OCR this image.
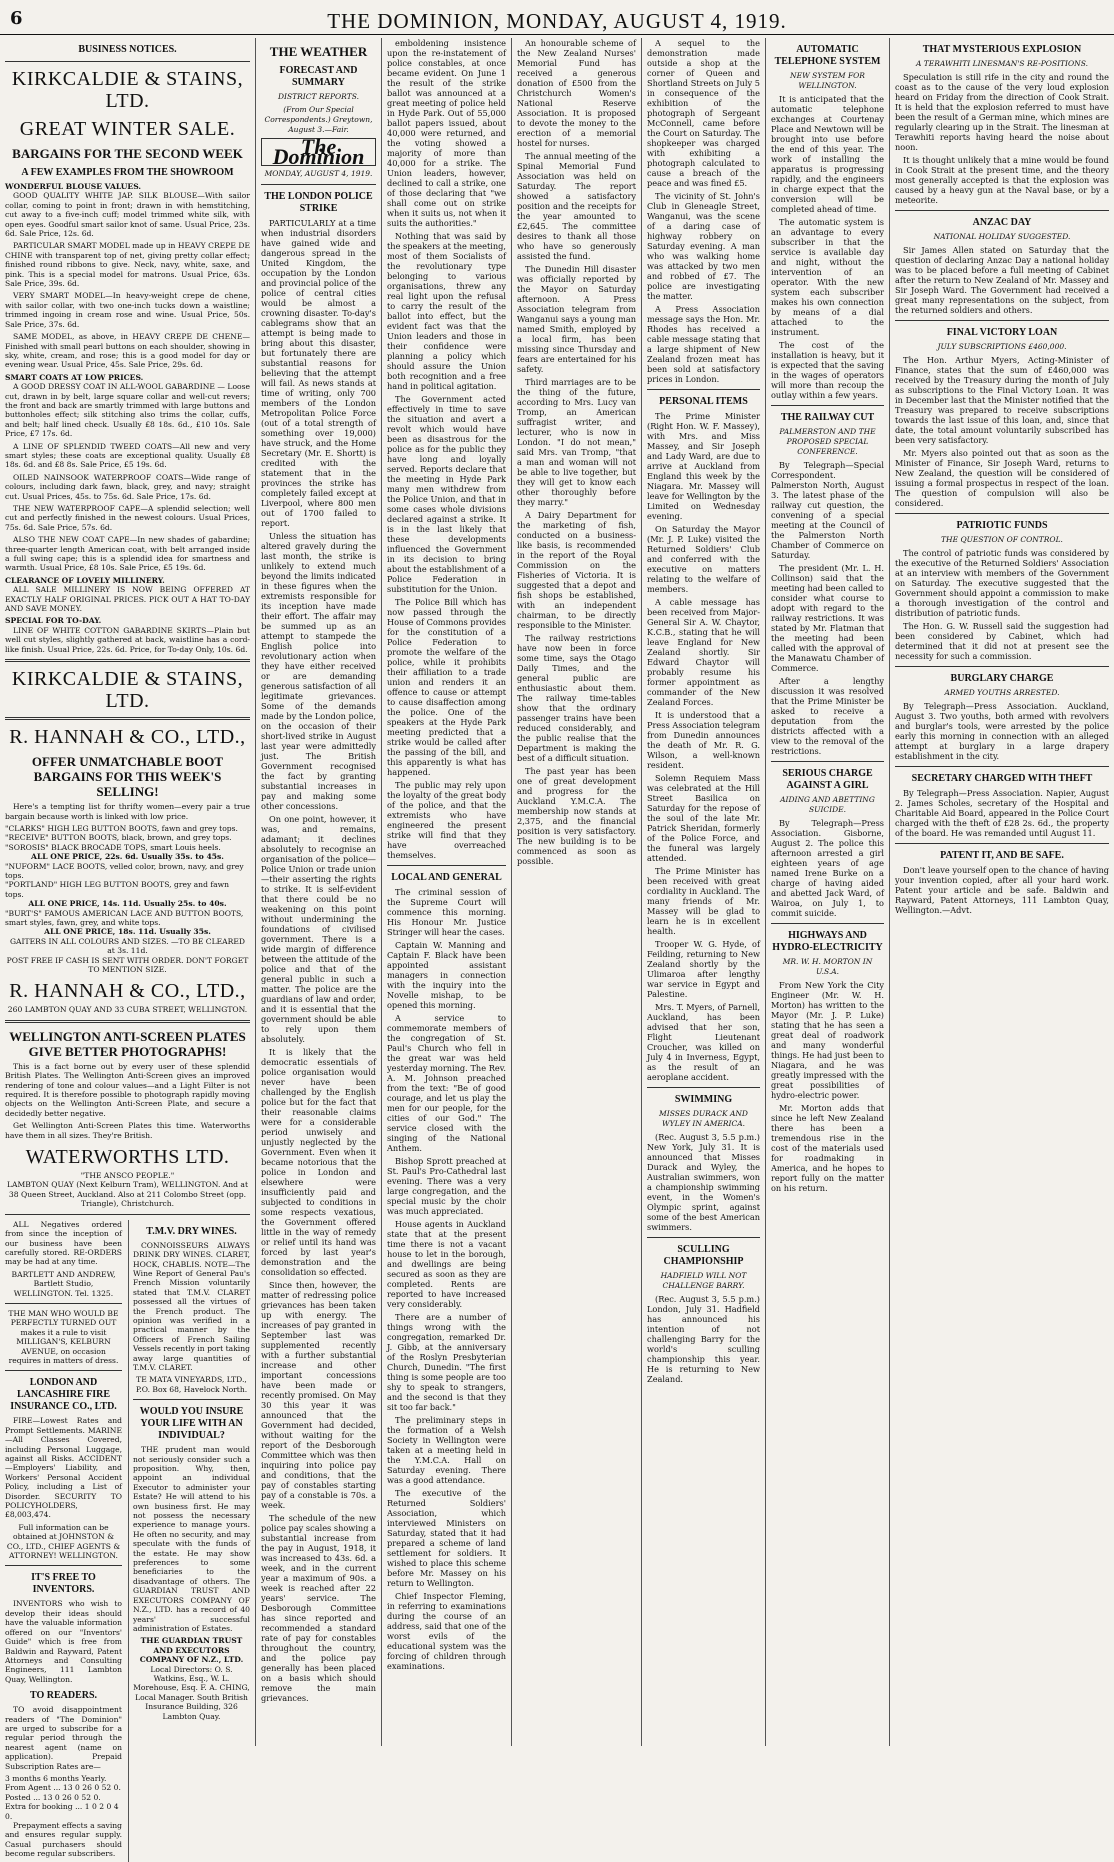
6	THE DOMINION, MONDAY, AUGUST 4, 1919.
BUSINESS NOTICES.
KIRKCALDIE & STAINS, LTD.
GREAT WINTER SALE.
BARGAINS FOR THE SECOND WEEK
A FEW EXAMPLES FROM THE SHOWROOM
WONDERFUL BLOUSE VALUES.

GOOD QUALITY WHITE JAP. SILK BLOUSE—With sailor collar, coming to point in front; drawn in with hemstitching, cut away to a five-inch cuff; model trimmed white silk, with open eyes. Goodful smart sailor knot of same. Usual Price, 23s. 6d. Sale Price, 12s. 6d.

PARTICULAR SMART MODEL made up in HEAVY CREPE DE CHINE with transparent top of net, giving pretty collar effect; finished round ribbons to give. Neck, navy, white, saxe, and pink. This is a special model for matrons. Usual Price, 63s. Sale Price, 39s. 6d.

VERY SMART MODEL—In heavy-weight crepe de chene, with sailor collar, with two one-inch tucks down a waistline; trimmed ingoing in cream rose and wine. Usual Price, 50s. Sale Price, 37s. 6d.

SAME MODEL, as above, in HEAVY CREPE DE CHENE—Finished with small pearl buttons on each shoulder, showing in sky, white, cream, and rose; this is a good model for day or evening wear. Usual Price, 45s. Sale Price, 29s. 6d.

SMART COATS AT LOW PRICES.

A GOOD DRESSY COAT IN ALL-WOOL GABARDINE — Loose cut, drawn in by belt, large square collar and well-cut revers; the front and back are smartly trimmed with large buttons and buttonholes effect; silk stitching also trims the collar, cuffs, and belt; half lined check. Usually £8 18s. 6d., £10 10s. Sale Price, £7 17s. 6d.

A LINE OF SPLENDID TWEED COATS—All new and very smart styles; these coats are exceptional quality. Usually £8 18s. 6d. and £8 8s. Sale Price, £5 19s. 6d.

OILED NAINSOOK WATERPROOF COATS—Wide range of colours, including dark fawn, black, grey, and navy; straight cut. Usual Prices, 45s. to 75s. 6d. Sale Price, 17s. 6d.

THE NEW WATERPROOF CAPE—A splendid selection; well cut and perfectly finished in the newest colours. Usual Prices, 75s. 6d. Sale Price, 57s. 6d.

ALSO THE NEW COAT CAPE—In new shades of gabardine; three-quarter length American coat, with belt arranged inside a full swing cape; this is a splendid idea for smartness and warmth. Usual Price, £8 10s. Sale Price, £5 19s. 6d.

CLEARANCE OF LOVELY MILLINERY.

ALL SALE MILLINERY IS NOW BEING OFFERED AT EXACTLY HALF ORIGINAL PRICES. PICK OUT A HAT TO-DAY AND SAVE MONEY.

SPECIAL FOR TO-DAY.

LINE OF WHITE COTTON GABARDINE SKIRTS—Plain but well cut styles, slightly gathered at back, waistline has a cord-like finish. Usual Price, 22s. 6d. Price, for To-day Only, 10s. 6d.

KIRKCALDIE & STAINS, LTD.
R. HANNAH & CO., LTD.,
OFFER UNMATCHABLE BOOT BARGAINS FOR THIS WEEK'S SELLING!

Here's a tempting list for thrifty women—every pair a true bargain because worth is linked with low price.

"CLARKS" HIGH LEG BUTTON BOOTS, fawn and grey tops.
"RECEIVE" BUTTON BOOTS, black, brown, and grey tops.
"SOROSIS" BLACK BROCADE TOPS, smart Louis heels.
ALL ONE PRICE, 22s. 6d. Usually 35s. to 45s.
"NUFORM" LACE BOOTS, velled color, brown, navy, and grey tops.
"PORTLAND" HIGH LEG BUTTON BOOTS, grey and fawn tops.
ALL ONE PRICE, 14s. 11d. Usually 25s. to 40s.
"BURT'S" FAMOUS AMERICAN LACE AND BUTTON BOOTS, smart styles, fawn, grey, and white tops.
ALL ONE PRICE, 18s. 11d. Usually 35s.
GAITERS IN ALL COLOURS AND SIZES. —TO BE CLEARED at 3s. 11d.
POST FREE IF CASH IS SENT WITH ORDER. DON'T FORGET TO MENTION SIZE.
R. HANNAH & CO., LTD.,
260 LAMBTON QUAY AND 33 CUBA STREET, WELLINGTON.
WELLINGTON ANTI-SCREEN PLATES GIVE BETTER PHOTOGRAPHS!

This is a fact borne out by every user of these splendid British Plates. The Wellington Anti-Screen gives an improved rendering of tone and colour values—and a Light Filter is not required. It is therefore possible to photograph rapidly moving objects on the Wellington Anti-Screen Plate, and secure a decidedly better negative.

Get Wellington Anti-Screen Plates this time. Waterworths have them in all sizes. They're British.

WATERWORTHS LTD.
"THE ANSCO PEOPLE."
LAMBTON QUAY (Next Kelburn Tram), WELLINGTON. And at 38 Queen Street, Auckland. Also at 211 Colombo Street (opp. Triangle), Christchurch.

ALL Negatives ordered from since the inception of our business have been carefully stored. RE-ORDERS may be had at any time.

BARTLETT AND ANDREW, Bartlett Studio, WELLINGTON. Tel. 1325.
THE MAN WHO WOULD BE PERFECTLY TURNED OUT makes it a rule to visit MILLIGAN'S, KELBURN AVENUE, on occasion requires in matters of dress.
LONDON AND LANCASHIRE FIRE INSURANCE CO., LTD.

FIRE—Lowest Rates and Prompt Settlements. MARINE—All Classes Covered, including Personal Luggage, against all Risks. ACCIDENT—Employers' Liability, and Workers' Personal Accident Policy, including a List of Disorder. SECURITY TO POLICYHOLDERS, £8,003,474.

Full information can be obtained at JOHNSTON & CO., LTD., CHIEF AGENTS & ATTORNEY! WELLINGTON.
IT'S FREE TO INVENTORS.

INVENTORS who wish to develop their ideas should have the valuable information offered on our "Inventors' Guide" which is free from Baldwin and Rayward, Patent Attorneys and Consulting Engineers, 111 Lambton Quay, Wellington.

TO READERS.

TO avoid disappointment readers of "The Dominion" are urged to subscribe for a regular period through the nearest agent (name on application). Prepaid Subscription Rates are—

3 months 6 months Yearly. From Agent ... 13 0 26 0 52 0. Posted ... 13 0 26 0 52 0. Extra for booking ... 1 0 2 0 4 0.

Prepayment effects a saving and ensures regular supply. Casual purchasers should become regular subscribers.

T.M.V. DRY WINES.

CONNOISSEURS ALWAYS DRINK DRY WINES. CLARET, HOCK, CHABLIS. NOTE—The Wine Report of General Pau's French Mission voluntarily stated that T.M.V. CLARET possessed all the virtues of the French product. The opinion was verified in a practical manner by the Officers of French Sailing Vessels recently in port taking away large quantities of T.M.V. CLARET.

TE MATA VINEYARDS, LTD., P.O. Box 68, Havelock North.
WOULD YOU INSURE YOUR LIFE WITH AN INDIVIDUAL?

THE prudent man would not seriously consider such a proposition. Why, then, appoint an individual Executor to administer your Estate? He will attend to his own business first. He may not possess the necessary experience to manage yours. He often no security, and may speculate with the funds of the estate. He may show preferences to some beneficiaries to the disadvantage of others. The GUARDIAN TRUST AND EXECUTORS COMPANY OF N.Z., LTD. has a record of 40 years' successful administration of Estates.

THE GUARDIAN TRUST AND EXECUTORS COMPANY OF N.Z., LTD.
Local Directors: O. S. Watkins, Esq., W. L. Morehouse, Esq. F. A. CHING, Local Manager. South British Insurance Building, 326 Lambton Quay.
THE WEATHER
FORECAST AND SUMMARY
DISTRICT REPORTS.
(From Our Special Correspondents.) Greytown, August 3.—Fair.
The Dominion
MONDAY, AUGUST 4, 1919.
THE LONDON POLICE STRIKE

PARTICULARLY at a time when industrial disorders have gained wide and dangerous spread in the United Kingdom, the occupation by the London and provincial police of the police of central cities would be almost a crowning disaster. To-day's cablegrams show that an attempt is being made to bring about this disaster, but fortunately there are substantial reasons for believing that the attempt will fail. As news stands at time of writing, only 700 members of the London Metropolitan Police Force (out of a total strength of something over 19,000) have struck, and the Home Secretary (Mr. E. Shortt) is credited with the statement that in the provinces the strike has completely failed except at Liverpool, where 800 men out of 1700 failed to report.

Unless the situation has altered gravely during the last month, the strike is unlikely to extend much beyond the limits indicated in these figures when the extremists responsible for its inception have made their effort. The affair may be summed up as an attempt to stampede the English police into revolutionary action when they have either received or are demanding generous satisfaction of all legitimate grievances. Some of the demands made by the London police, on the occasion of their short-lived strike in August last year were admittedly just. The British Government recognised the fact by granting substantial increases in pay and making some other concessions.

On one point, however, it was, and remains, adamant; it declines absolutely to recognise an organisation of the police—Police Union or trade union—their asserting the rights to strike. It is self-evident that there could be no weakening on this point without undermining the foundations of civilised government. There is a wide margin of difference between the attitude of the police and that of the general public in such a matter. The police are the guardians of law and order, and it is essential that the government should be able to rely upon them absolutely.

It is likely that the democratic essentials of police organisation would never have been challenged by the English police but for the fact that their reasonable claims were for a considerable period unwisely and unjustly neglected by the Government. Even when it became notorious that the police in London and elsewhere were insufficiently paid and subjected to conditions in some respects vexatious, the Government offered little in the way of remedy or relief until its hand was forced by last year's demonstration and the consolidation so effected.

Since then, however, the matter of redressing police grievances has been taken up with energy. The increases of pay granted in September last was supplemented recently with a further substantial increase and other important concessions have been made or recently promised. On May 30 this year it was announced that the Government had decided, without waiting for the report of the Desborough Committee which was then inquiring into police pay and conditions, that the pay of constables starting pay of a constable is 70s. a week.

The schedule of the new police pay scales showing a substantial increase from the pay in August, 1918, it was increased to 43s. 6d. a week, and in the current year a maximum of 90s. a week is reached after 22 years' service. The Desborough Committee has since reported and recommended a standard rate of pay for constables throughout the country, and the police pay generally has been placed on a basis which should remove the main grievances.

emboldening insistence upon the re-instatement of police constables, at once became evident. On June 1 the result of the strike ballot was announced at a great meeting of police held in Hyde Park. Out of 55,000 ballot papers issued, about 40,000 were returned, and the voting showed a majority of more than 40,000 for a strike. The Union leaders, however, declined to call a strike, one of those declaring that "we shall come out on strike when it suits us, not when it suits the authorities."

Nothing that was said by the speakers at the meeting, most of them Socialists of the revolutionary type belonging to various organisations, threw any real light upon the refusal to carry the result of the ballot into effect, but the evident fact was that the Union leaders and those in their confidence were planning a policy which should assure the Union both recognition and a free hand in political agitation.

The Government acted effectively in time to save the situation and avert a revolt which would have been as disastrous for the police as for the public they have long and loyally served. Reports declare that the meeting in Hyde Park many men withdrew from the Police Union, and that in some cases whole divisions declared against a strike. It is in the last likely that these developments influenced the Government in its decision to bring about the establishment of a Police Federation in substitution for the Union.

The Police Bill which has now passed through the House of Commons provides for the constitution of a Police Federation to promote the welfare of the police, while it prohibits their affiliation to a trade union and renders it an offence to cause or attempt to cause disaffection among the police. One of the speakers at the Hyde Park meeting predicted that a strike would be called after the passing of the bill, and this apparently is what has happened.

The public may rely upon the loyalty of the great body of the police, and that the extremists who have engineered the present strike will find that they have overreached themselves.

LOCAL AND GENERAL

The criminal session of the Supreme Court will commence this morning. His Honour Mr. Justice Stringer will hear the cases.

Captain W. Manning and Captain F. Black have been appointed assistant managers in connection with the inquiry into the Novelle mishap, to be opened this morning.

A service to commemorate members of the congregation of St. Paul's Church who fell in the great war was held yesterday morning. The Rev. A. M. Johnson preached from the text: "Be of good courage, and let us play the men for our people, for the cities of our God." The service closed with the singing of the National Anthem.

Bishop Sprott preached at St. Paul's Pro-Cathedral last evening. There was a very large congregation, and the special music by the choir was much appreciated.

House agents in Auckland state that at the present time there is not a vacant house to let in the borough, and dwellings are being secured as soon as they are completed. Rents are reported to have increased very considerably.

There are a number of things wrong with the congregation, remarked Dr. J. Gibb, at the anniversary of the Roslyn Presbyterian Church, Dunedin. "The first thing is some people are too shy to speak to strangers, and the second is that they sit too far back."

The preliminary steps in the formation of a Welsh Society in Wellington were taken at a meeting held in the Y.M.C.A. Hall on Saturday evening. There was a good attendance.

The executive of the Returned Soldiers' Association, which interviewed Ministers on Saturday, stated that it had prepared a scheme of land settlement for soldiers. It wished to place this scheme before Mr. Massey on his return to Wellington.

Chief Inspector Fleming, in referring to examinations during the course of an address, said that one of the worst evils of the educational system was the forcing of children through examinations.

An honourable scheme of the New Zealand Nurses' Memorial Fund has received a generous donation of £500 from the Christchurch Women's National Reserve Association. It is proposed to devote the money to the erection of a memorial hostel for nurses.

The annual meeting of the Spinal Memorial Fund Association was held on Saturday. The report showed a satisfactory position and the receipts for the year amounted to £2,645. The committee desires to thank all those who have so generously assisted the fund.

The Dunedin Hill disaster was officially reported by the Mayor on Saturday afternoon. A Press Association telegram from Wanganui says a young man named Smith, employed by a local firm, has been missing since Thursday and fears are entertained for his safety.

Third marriages are to be the thing of the future, according to Mrs. Lucy van Tromp, an American suffragist writer, and lecturer, who is now in London. "I do not mean," said Mrs. van Tromp, "that a man and woman will not be able to live together, but they will get to know each other thoroughly before they marry."

A Dairy Department for the marketing of fish, conducted on a business-like basis, is recommended in the report of the Royal Commission on the Fisheries of Victoria. It is suggested that a depot and fish shops be established, with an independent chairman, to be directly responsible to the Minister.

The railway restrictions have now been in force some time, says the Otago Daily Times, and the general public are enthusiastic about them. The railway time-tables show that the ordinary passenger trains have been reduced considerably, and the public realise that the Department is making the best of a difficult situation.

The past year has been one of great development and progress for the Auckland Y.M.C.A. The membership now stands at 2,375, and the financial position is very satisfactory. The new building is to be commenced as soon as possible.

A sequel to the demonstration made outside a shop at the corner of Queen and Shortland Streets on July 5 in consequence of the exhibition of the photograph of Sergeant McConnell, came before the Court on Saturday. The shopkeeper was charged with exhibiting a photograph calculated to cause a breach of the peace and was fined £5.

The vicinity of St. John's Club in Gleneagle Street, Wanganui, was the scene of a daring case of highway robbery on Saturday evening. A man who was walking home was attacked by two men and robbed of £7. The police are investigating the matter.

A Press Association message says the Hon. Mr. Rhodes has received a cable message stating that a large shipment of New Zealand frozen meat has been sold at satisfactory prices in London.

PERSONAL ITEMS

The Prime Minister (Right Hon. W. F. Massey), with Mrs. and Miss Massey, and Sir Joseph and Lady Ward, are due to arrive at Auckland from England this week by the Niagara. Mr. Massey will leave for Wellington by the Limited on Wednesday evening.

On Saturday the Mayor (Mr. J. P. Luke) visited the Returned Soldiers' Club and conferred with the executive on matters relating to the welfare of members.

A cable message has been received from Major-General Sir A. W. Chaytor, K.C.B., stating that he will leave England for New Zealand shortly. Sir Edward Chaytor will probably resume his former appointment as commander of the New Zealand Forces.

It is understood that a Press Association telegram from Dunedin announces the death of Mr. R. G. Wilson, a well-known resident.

Solemn Requiem Mass was celebrated at the Hill Street Basilica on Saturday for the repose of the soul of the late Mr. Patrick Sheridan, formerly of the Police Force, and the funeral was largely attended.

The Prime Minister has been received with great cordiality in Auckland. The many friends of Mr. Massey will be glad to learn he is in excellent health.

Trooper W. G. Hyde, of Feilding, returning to New Zealand shortly by the Ulimaroa after lengthy war service in Egypt and Palestine.

Mrs. T. Myers, of Parnell, Auckland, has been advised that her son, Flight Lieutenant Croucher, was killed on July 4 in Inverness, Egypt, as the result of an aeroplane accident.

SWIMMING
MISSES DURACK AND WYLEY IN AMERICA.

(Rec. August 3, 5.5 p.m.) New York, July 31. It is announced that Misses Durack and Wyley, the Australian swimmers, won a championship swimming event, in the Women's Olympic sprint, against some of the best American swimmers.

SCULLING CHAMPIONSHIP
HADFIELD WILL NOT CHALLENGE BARRY.

(Rec. August 3, 5.5 p.m.) London, July 31. Hadfield has announced his intention of not challenging Barry for the world's sculling championship this year. He is returning to New Zealand.

AUTOMATIC TELEPHONE SYSTEM
NEW SYSTEM FOR WELLINGTON.

It is anticipated that the automatic telephone exchanges at Courtenay Place and Newtown will be brought into use before the end of this year. The work of installing the apparatus is progressing rapidly, and the engineers in charge expect that the conversion will be completed ahead of time.

The automatic system is an advantage to every subscriber in that the service is available day and night, without the intervention of an operator. With the new system each subscriber makes his own connection by means of a dial attached to the instrument.

The cost of the installation is heavy, but it is expected that the saving in the wages of operators will more than recoup the outlay within a few years.

THE RAILWAY CUT
PALMERSTON AND THE PROPOSED SPECIAL CONFERENCE.

By Telegraph—Special Correspondent. Palmerston North, August 3. The latest phase of the railway cut question, the convening of a special meeting at the Council of the Palmerston North Chamber of Commerce on Saturday.

The president (Mr. L. H. Collinson) said that the meeting had been called to consider what course to adopt with regard to the railway restrictions. It was stated by Mr. Flatman that the meeting had been called with the approval of the Manawatu Chamber of Commerce.

After a lengthy discussion it was resolved that the Prime Minister be asked to receive a deputation from the districts affected with a view to the removal of the restrictions.

SERIOUS CHARGE AGAINST A GIRL
AIDING AND ABETTING SUICIDE.

By Telegraph—Press Association. Gisborne, August 2. The police this afternoon arrested a girl eighteen years of age named Irene Burke on a charge of having aided and abetted Jack Ward, of Wairoa, on July 1, to commit suicide.

HIGHWAYS AND HYDRO-ELECTRICITY
MR. W. H. MORTON IN U.S.A.

From New York the City Engineer (Mr. W. H. Morton) has written to the Mayor (Mr. J. P. Luke) stating that he has seen a great deal of roadwork and many wonderful things. He had just been to Niagara, and he was greatly impressed with the great possibilities of hydro-electric power.

Mr. Morton adds that since he left New Zealand there has been a tremendous rise in the cost of the materials used for roadmaking in America, and he hopes to report fully on the matter on his return.

THAT MYSTERIOUS EXPLOSION
A TERAWHITI LINESMAN'S RE-POSITIONS.

Speculation is still rife in the city and round the coast as to the cause of the very loud explosion heard on Friday from the direction of Cook Strait. It is held that the explosion referred to must have been the result of a German mine, which mines are regularly clearing up in the Strait. The linesman at Terawhiti reports having heard the noise about noon.

It is thought unlikely that a mine would be found in Cook Strait at the present time, and the theory most generally accepted is that the explosion was caused by a heavy gun at the Naval base, or by a meteorite.

ANZAC DAY
NATIONAL HOLIDAY SUGGESTED.

Sir James Allen stated on Saturday that the question of declaring Anzac Day a national holiday was to be placed before a full meeting of Cabinet after the return to New Zealand of Mr. Massey and Sir Joseph Ward. The Government had received a great many representations on the subject, from the returned soldiers and others.

FINAL VICTORY LOAN
JULY SUBSCRIPTIONS £460,000.

The Hon. Arthur Myers, Acting-Minister of Finance, states that the sum of £460,000 was received by the Treasury during the month of July as subscriptions to the Final Victory Loan. It was in December last that the Minister notified that the Treasury was prepared to receive subscriptions towards the last issue of this loan, and, since that date, the total amount voluntarily subscribed has been very satisfactory.

Mr. Myers also pointed out that as soon as the Minister of Finance, Sir Joseph Ward, returns to New Zealand, the question will be considered of issuing a formal prospectus in respect of the loan. The question of compulsion will also be considered.

PATRIOTIC FUNDS
THE QUESTION OF CONTROL.

The control of patriotic funds was considered by the executive of the Returned Soldiers' Association at an interview with members of the Government on Saturday. The executive suggested that the Government should appoint a commission to make a thorough investigation of the control and distribution of patriotic funds.

The Hon. G. W. Russell said the suggestion had been considered by Cabinet, which had determined that it did not at present see the necessity for such a commission.

BURGLARY CHARGE
ARMED YOUTHS ARRESTED.

By Telegraph—Press Association. Auckland, August 3. Two youths, both armed with revolvers and burglar's tools, were arrested by the police early this morning in connection with an alleged attempt at burglary in a large drapery establishment in the city.

SECRETARY CHARGED WITH THEFT

By Telegraph—Press Association. Napier, August 2. James Scholes, secretary of the Hospital and Charitable Aid Board, appeared in the Police Court charged with the theft of £28 2s. 6d., the property of the board. He was remanded until August 11.

PATENT IT, AND BE SAFE.

Don't leave yourself open to the chance of having your invention copied, after all your hard work. Patent your article and be safe. Baldwin and Rayward, Patent Attorneys, 111 Lambton Quay, Wellington.—Advt.
